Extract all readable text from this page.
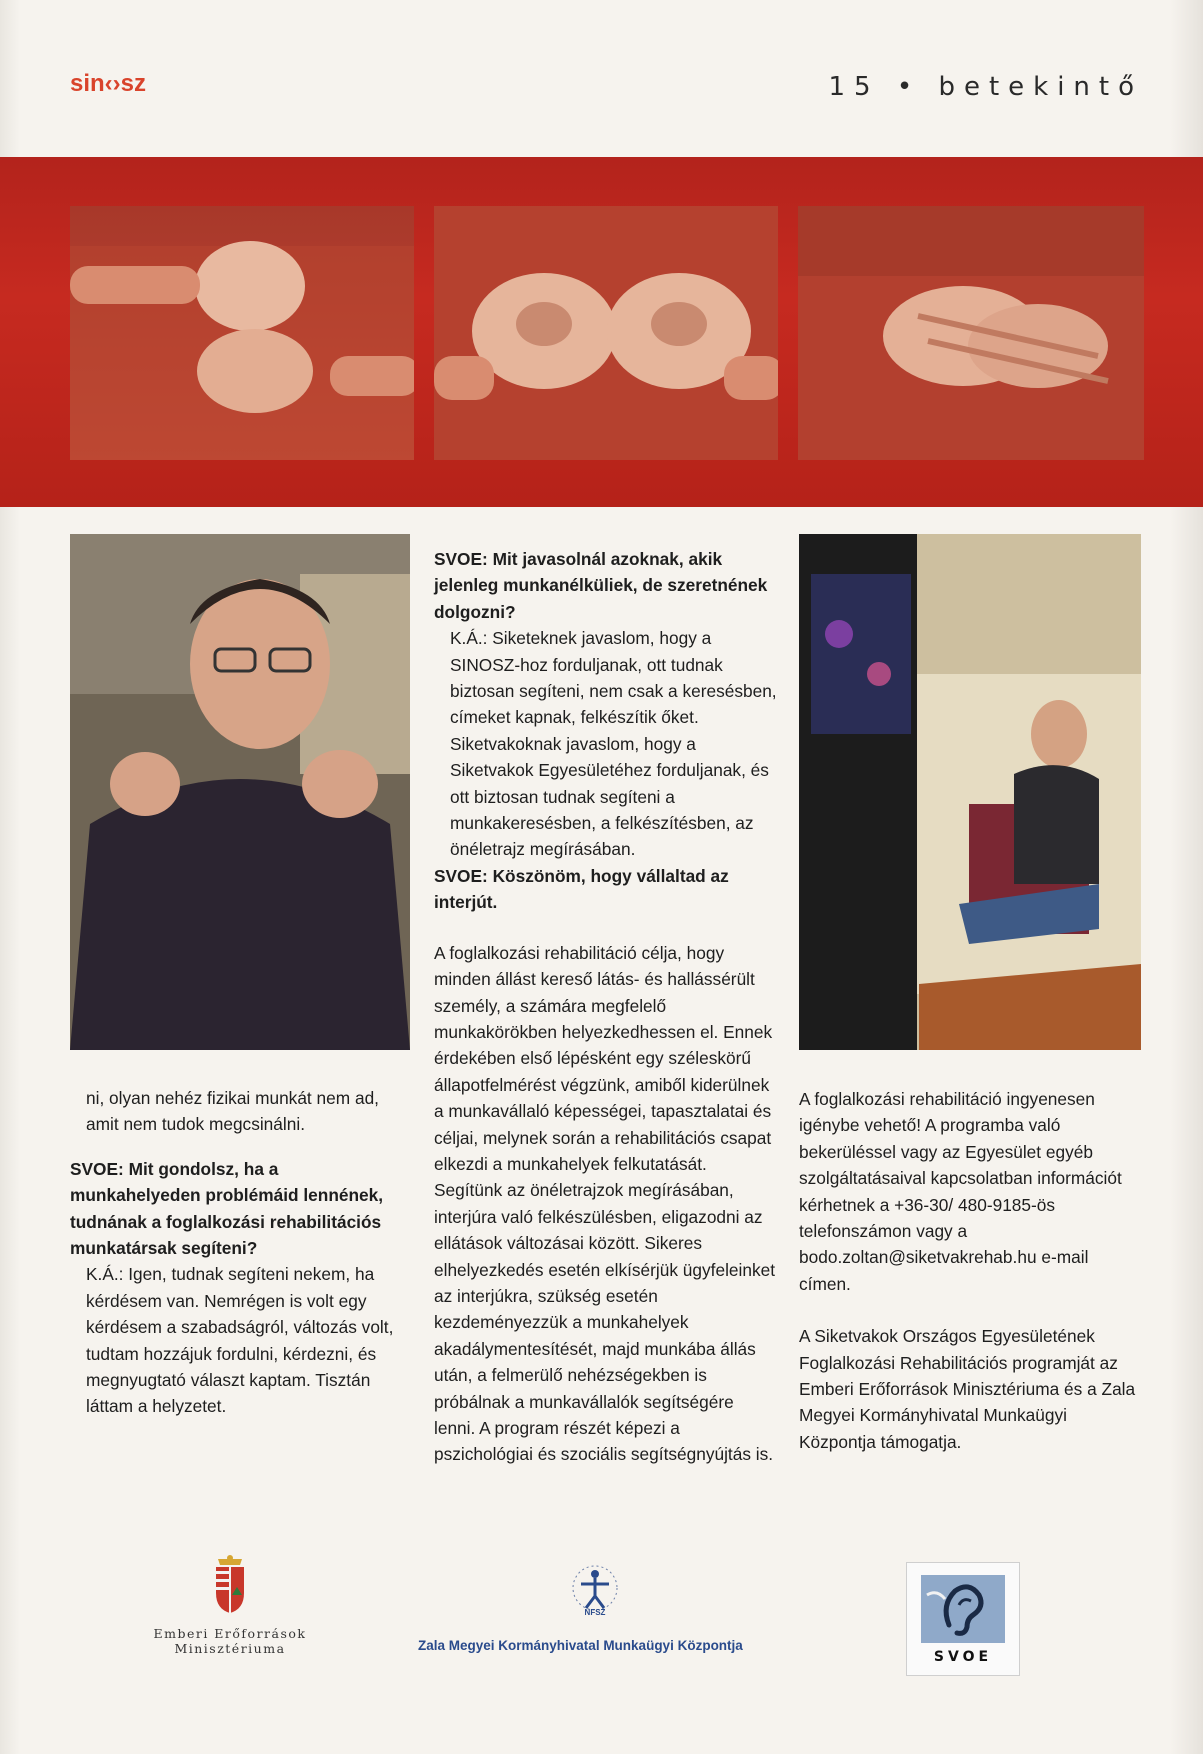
sin‹›sz	15 • betekintő

ni, olyan nehéz fizikai munkát nem ad, amit nem tudok megcsinálni.

SVOE: Mit gondolsz, ha a munkahelyeden problémáid lennének, tudnának a foglalkozási rehabilitációs munkatársak segíteni?

K.Á.: Igen, tudnak segíteni nekem, ha kérdésem van. Nemrégen is volt egy kérdésem a szabadságról, változás volt, tudtam hozzájuk fordulni, kérdezni, és megnyugtató választ kaptam. Tisztán láttam a helyzetet.

SVOE: Mit javasolnál azoknak, akik jelenleg munkanélküliek, de szeretnének dolgozni?

K.Á.: Siketeknek javaslom, hogy a SINOSZ-hoz forduljanak, ott tudnak biztosan segíteni, nem csak a keresésben, címeket kapnak, felkészítik őket. Siketvakoknak javaslom, hogy a Siketvakok Egyesületéhez forduljanak, és ott biztosan tudnak segíteni a munkakeresésben, a felkészítésben, az önéletrajz megírásában.

SVOE: Köszönöm, hogy vállaltad az interjút.

A foglalkozási rehabilitáció célja, hogy minden állást kereső látás- és hallássérült személy, a számára megfelelő munkakörökben helyezkedhessen el. Ennek érdekében első lépésként egy széleskörű állapotfelmérést végzünk, amiből kiderülnek a munkavállaló képességei, tapasztalatai és céljai, melynek során a rehabilitációs csapat elkezdi a munkahelyek felkutatását. Segítünk az önéletrajzok megírásában, interjúra való felkészülésben, eligazodni az ellátások változásai között. Sikeres elhelyezkedés esetén elkísérjük ügyfeleinket az interjúkra, szükség esetén kezdeményezzük a munkahelyek akadálymentesítését, majd munkába állás után, a felmerülő nehézségekben is próbálnak a munkavállalók segítségére lenni. A program részét képezi a pszichológiai és szociális segítségnyújtás is.

A foglalkozási rehabilitáció ingyenesen igénybe vehető! A programba való bekerüléssel vagy az Egyesület egyéb szolgáltatásaival kapcsolatban információt kérhetnek a +36-30/ 480-9185-ös telefonszámon vagy a bodo.zoltan@siketvakrehab.hu e-mail címen.

A Siketvakok Országos Egyesületének Foglalkozási Rehabilitációs programját az Emberi Erőforrások Minisztériuma és a Zala Megyei Kormányhivatal Munkaügyi Központja támogatja.

Emberi Erőforrások
Minisztériuma
NFSZ
Zala Megyei Kormányhivatal Munkaügyi Központja
SVOE
